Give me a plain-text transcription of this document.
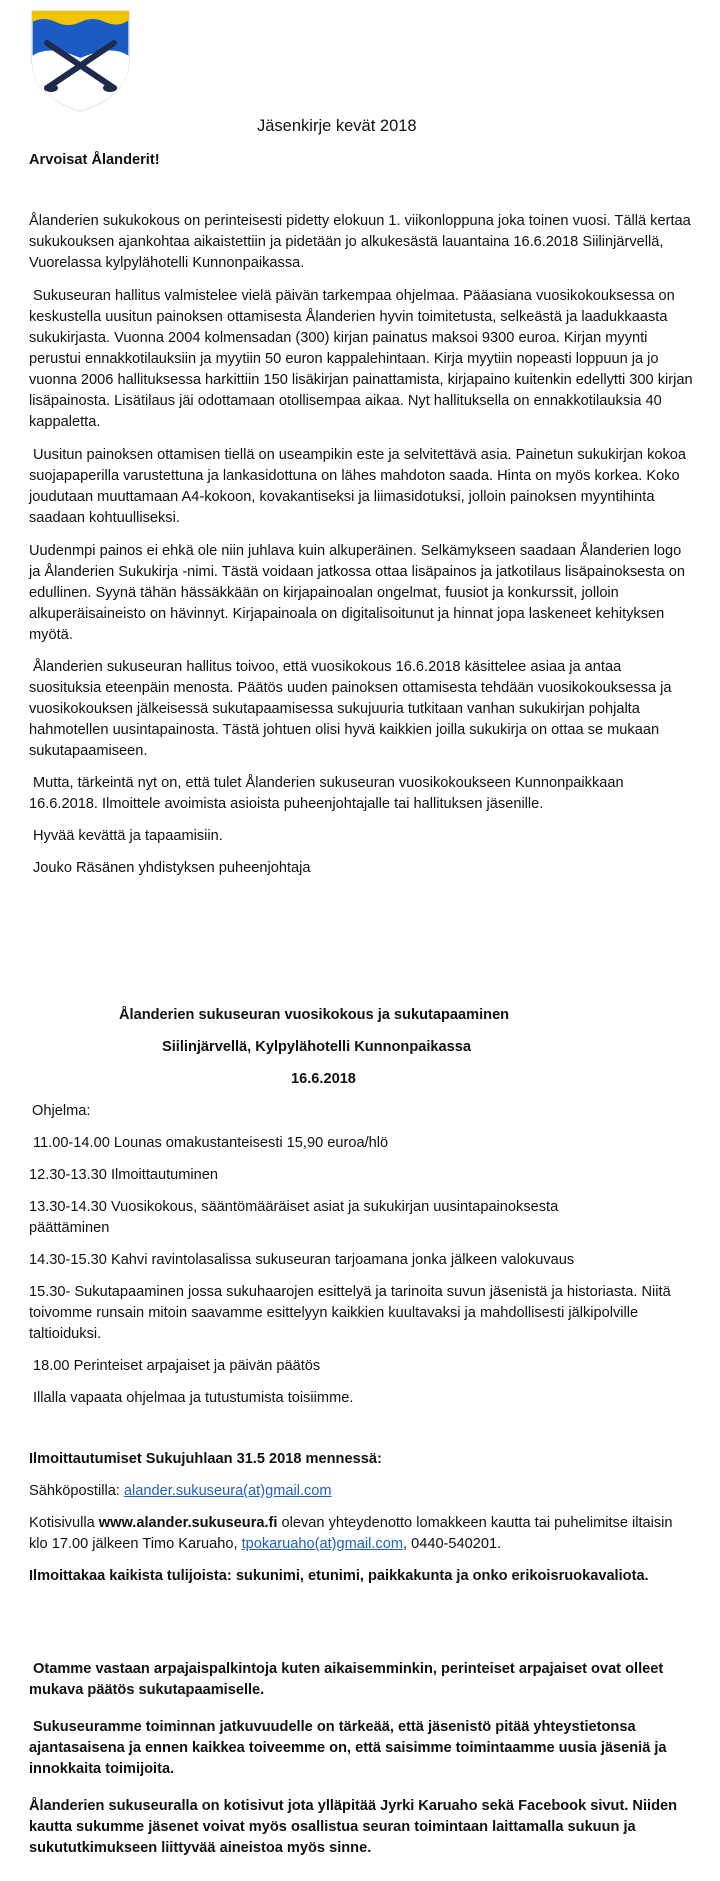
Jäsenkirje kevät 2018
Arvoisat Ålanderit!

Ålanderien sukukokous on perinteisesti pidetty elokuun 1. viikonloppuna joka toinen vuosi. Tällä kertaa sukukouksen ajankohtaa aikaistettiin ja pidetään jo alkukesästä lauantaina 16.6.2018 Siilinjärvellä, Vuorelassa kylpylähotelli Kunnonpaikassa.

Sukuseuran hallitus valmistelee vielä päivän tarkempaa ohjelmaa. Pääasiana vuosikokouksessa on keskustella uusitun painoksen ottamisesta Ålanderien hyvin toimitetusta, selkeästä ja laadukkaasta sukukirjasta. Vuonna 2004 kolmensadan (300) kirjan painatus maksoi 9300 euroa. Kirjan myynti perustui ennakkotilauksiin ja myytiin 50 euron kappalehintaan. Kirja myytiin nopeasti loppuun ja jo vuonna 2006 hallituksessa harkittiin 150 lisäkirjan painattamista, kirjapaino kuitenkin edellytti 300 kirjan lisäpainosta. Lisätilaus jäi odottamaan otollisempaa aikaa. Nyt hallituksella on ennakkotilauksia 40 kappaletta.

Uusitun painoksen ottamisen tiellä on useampikin este ja selvitettävä asia. Painetun sukukirjan kokoa suojapaperilla varustettuna ja lankasidottuna on lähes mahdoton saada. Hinta on myös korkea. Koko joudutaan muuttamaan A4-kokoon, kovakantiseksi ja liimasidotuksi, jolloin painoksen myyntihinta saadaan kohtuulliseksi.

Uudenmpi painos ei ehkä ole niin juhlava kuin alkuperäinen. Selkämykseen saadaan Ålanderien logo ja Ålanderien Sukukirja -nimi. Tästä voidaan jatkossa ottaa lisäpainos ja jatkotilaus lisäpainoksesta on edullinen. Syynä tähän hässäkkään on kirjapainoalan ongelmat, fuusiot ja konkurssit, jolloin alkuperäisaineisto on hävinnyt. Kirjapainoala on digitalisoitunut ja hinnat jopa laskeneet kehityksen myötä.

Ålanderien sukuseuran hallitus toivoo, että vuosikokous 16.6.2018 käsittelee asiaa ja antaa suosituksia eteenpäin menosta. Päätös uuden painoksen ottamisesta tehdään vuosikokouksessa ja vuosikokouksen jälkeisessä sukutapaamisessa sukujuuria tutkitaan vanhan sukukirjan pohjalta hahmotellen uusintapainosta. Tästä johtuen olisi hyvä kaikkien joilla sukukirja on ottaa se mukaan sukutapaamiseen.

Mutta, tärkeintä nyt on, että tulet Ålanderien sukuseuran vuosikokoukseen Kunnonpaikkaan 16.6.2018. Ilmoittele avoimista asioista puheenjohtajalle tai hallituksen jäsenille.

Hyvää kevättä ja tapaamisiin.

Jouko Räsänen yhdistyksen puheenjohtaja

Ålanderien sukuseuran vuosikokous ja sukutapaaminen

Siilinjärvellä, Kylpylähotelli Kunnonpaikassa

16.6.2018

Ohjelma:

11.00-14.00 Lounas omakustanteisesti 15,90 euroa/hlö

12.30-13.30 Ilmoittautuminen

13.30-14.30 Vuosikokous, sääntömääräiset asiat ja sukukirjan uusintapainoksesta päättäminen

14.30-15.30 Kahvi ravintolasalissa sukuseuran tarjoamana jonka jälkeen valokuvaus

15.30- Sukutapaaminen jossa sukuhaarojen esittelyä ja tarinoita suvun jäsenistä ja historiasta. Niitä toivomme runsain mitoin saavamme esittelyyn kaikkien kuultavaksi ja mahdollisesti jälkipolville taltioiduksi.

18.00 Perinteiset arpajaiset ja päivän päätös

Illalla vapaata ohjelmaa ja tutustumista toisiimme.

Ilmoittautumiset Sukujuhlaan 31.5 2018 mennessä:

Sähköpostilla: alander.sukuseura(at)gmail.com

Kotisivulla www.alander.sukuseura.fi olevan yhteydenotto lomakkeen kautta tai puhelimitse iltaisin klo 17.00 jälkeen Timo Karuaho, tpokaruaho(at)gmail.com, 0440-540201.

Ilmoittakaa kaikista tulijoista: sukunimi, etunimi, paikkakunta ja onko erikoisruokavaliota.

Otamme vastaan arpajaispalkintoja kuten aikaisemminkin, perinteiset arpajaiset ovat olleet mukava päätös sukutapaamiselle.

Sukuseuramme toiminnan jatkuvuudelle on tärkeää, että jäsenistö pitää yhteystietonsa ajantasaisena ja ennen kaikkea toiveemme on, että saisimme toimintaamme uusia jäseniä ja innokkaita toimijoita.

Ålanderien sukuseuralla on kotisivut jota ylläpitää Jyrki Karuaho sekä Facebook sivut. Niiden kautta sukumme jäsenet voivat myös osallistua seuran toimintaan laittamalla sukuun ja sukututkimukseen liittyvää aineistoa myös sinne.
